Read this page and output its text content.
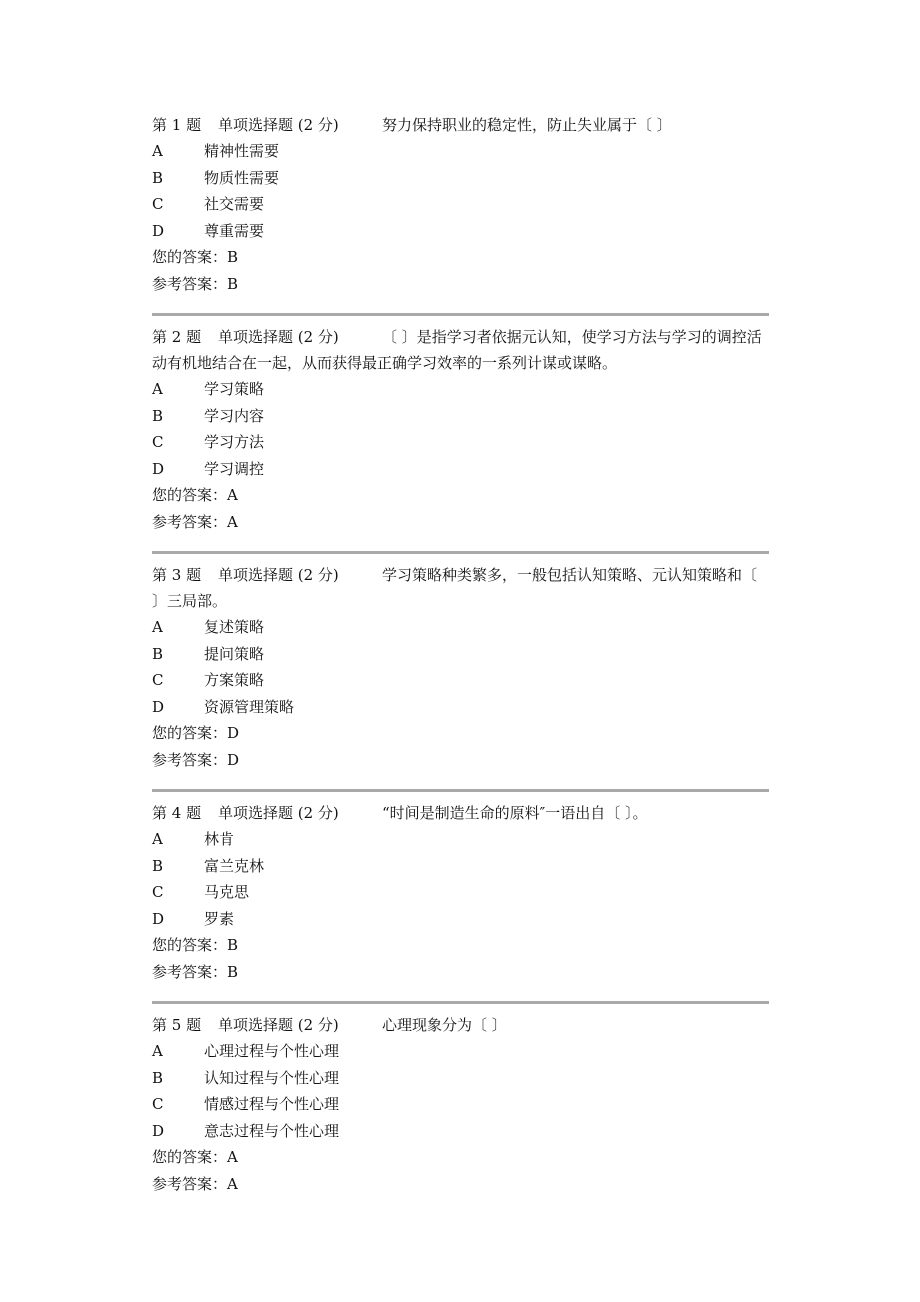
第 1 题 单项选择题 (2 分)	努力保持职业的稳定性，防止失业属于〔 〕
A	精神性需要
B	物质性需要
C	社交需要
D	尊重需要
您的答案：B
参考答案：B
第 2 题 单项选择题 (2 分)	〔 〕是指学习者依据元认知，使学习方法与学习的调控活动有机地结合在一起，从而获得最正确学习效率的一系列计谋或谋略。
A	学习策略
B	学习内容
C	学习方法
D	学习调控
您的答案：A
参考答案：A
第 3 题 单项选择题 (2 分)	学习策略种类繁多，一般包括认知策略、元认知策略和〔 〕三局部。
A	复述策略
B	提问策略
C	方案策略
D	资源管理策略
您的答案：D
参考答案：D
第 4 题 单项选择题 (2 分)	“时间是制造生命的原料″一语出自〔 〕。
A	林肯
B	富兰克林
C	马克思
D	罗素
您的答案：B
参考答案：B
第 5 题 单项选择题 (2 分)	心理现象分为〔 〕
A	心理过程与个性心理
B	认知过程与个性心理
C	情感过程与个性心理
D	意志过程与个性心理
您的答案：A
参考答案：A
